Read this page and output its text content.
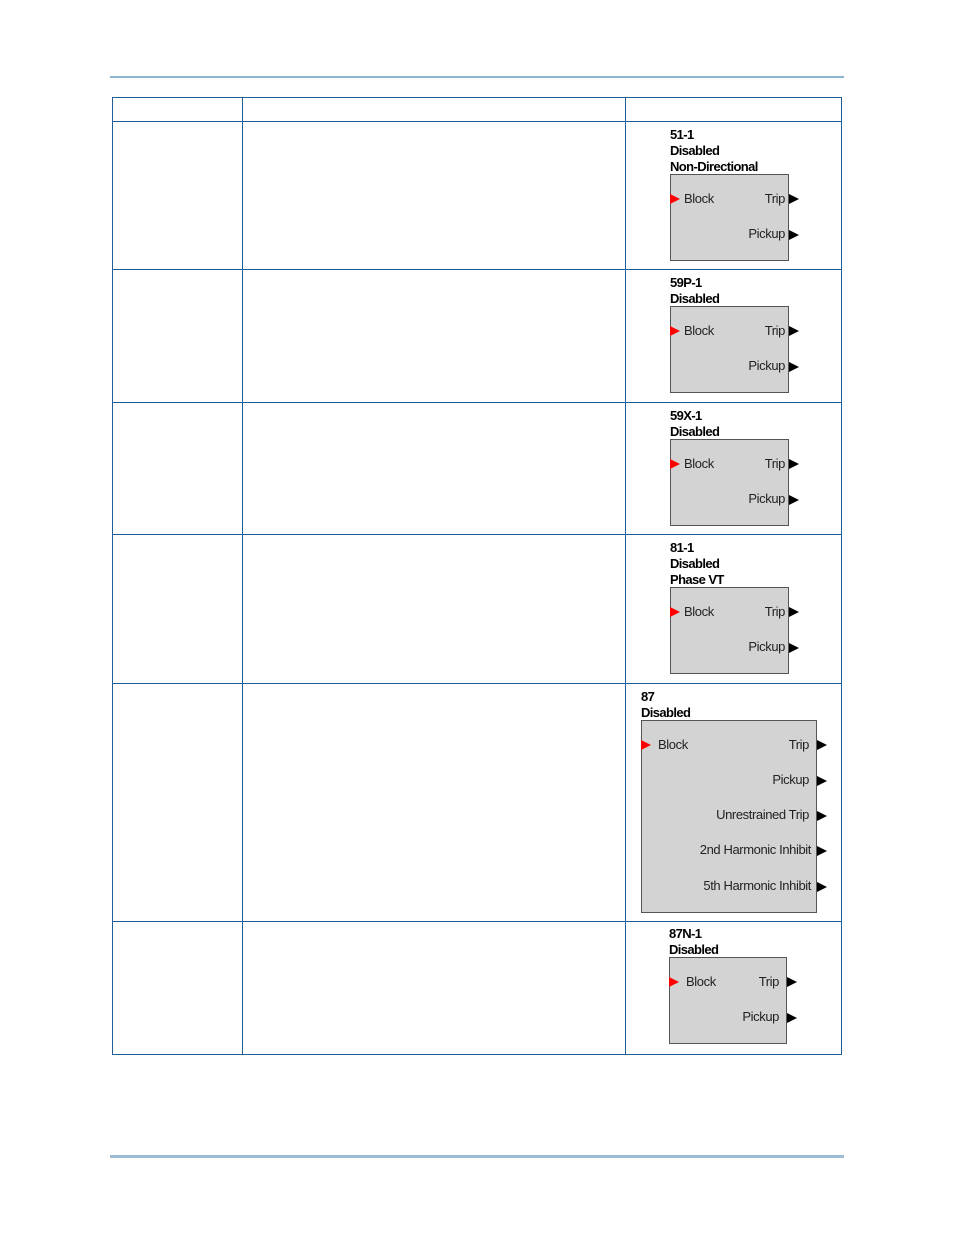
51-1
Disabled
Non-Directional
Block	Trip
Pickup
59P-1
Disabled
Block	Trip
Pickup
59X-1
Disabled
Block	Trip
Pickup
81-1
Disabled
Phase VT
Block	Trip
Pickup
87
Disabled
Block	Trip
Pickup
Unrestrained Trip
2nd Harmonic Inhibit
5th Harmonic Inhibit
87N-1
Disabled
Block	Trip
Pickup
